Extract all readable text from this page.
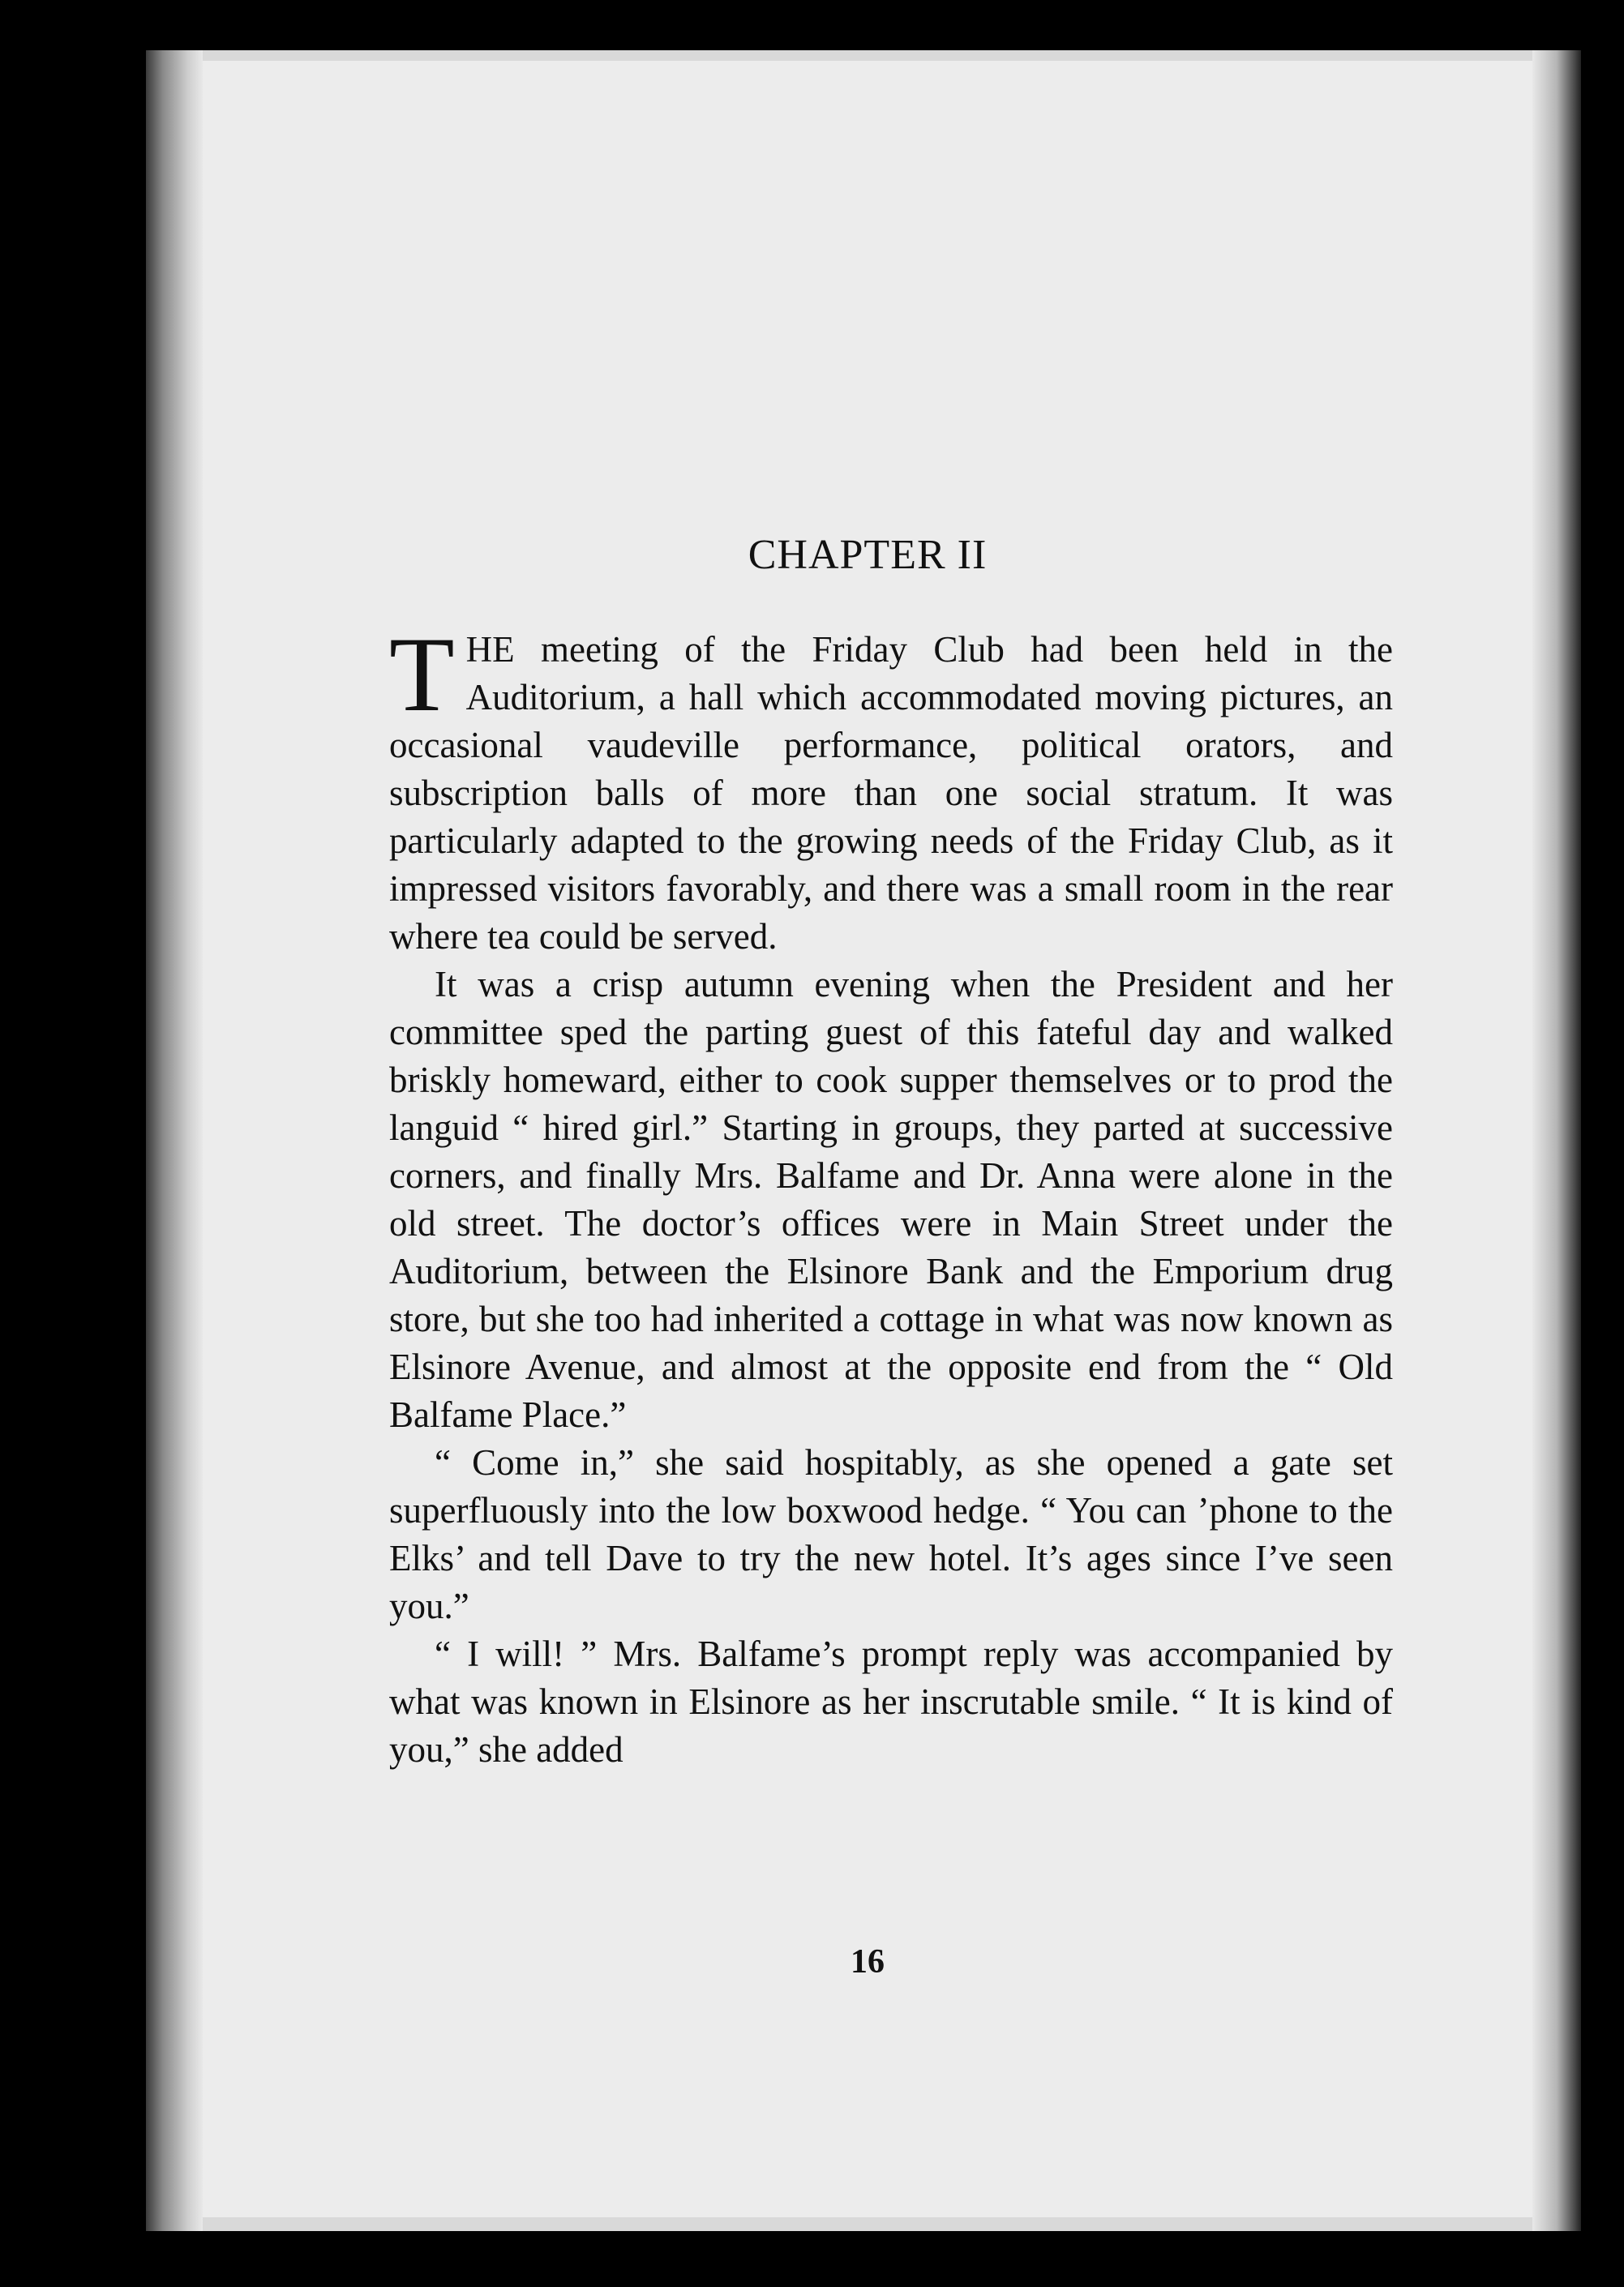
CHAPTER II

THE meeting of the Friday Club had been held in the Auditorium, a hall which accommodated moving pictures, an occasional vaudeville performance, political orators, and subscription balls of more than one social stratum. It was particularly adapted to the growing needs of the Friday Club, as it impressed visitors favorably, and there was a small room in the rear where tea could be served.

It was a crisp autumn evening when the President and her committee sped the parting guest of this fateful day and walked briskly homeward, either to cook supper themselves or to prod the languid “ hired girl.” Starting in groups, they parted at successive corners, and finally Mrs. Balfame and Dr. Anna were alone in the old street. The doctor’s offices were in Main Street under the Auditorium, between the Elsinore Bank and the Emporium drug store, but she too had inherited a cottage in what was now known as Elsinore Avenue, and almost at the opposite end from the “ Old Balfame Place.”

“ Come in,” she said hospitably, as she opened a gate set superfluously into the low boxwood hedge. “ You can ’phone to the Elks’ and tell Dave to try the new hotel. It’s ages since I’ve seen you.”

“ I will! ” Mrs. Balfame’s prompt reply was accompanied by what was known in Elsinore as her inscrutable smile. “ It is kind of you,” she added

16
